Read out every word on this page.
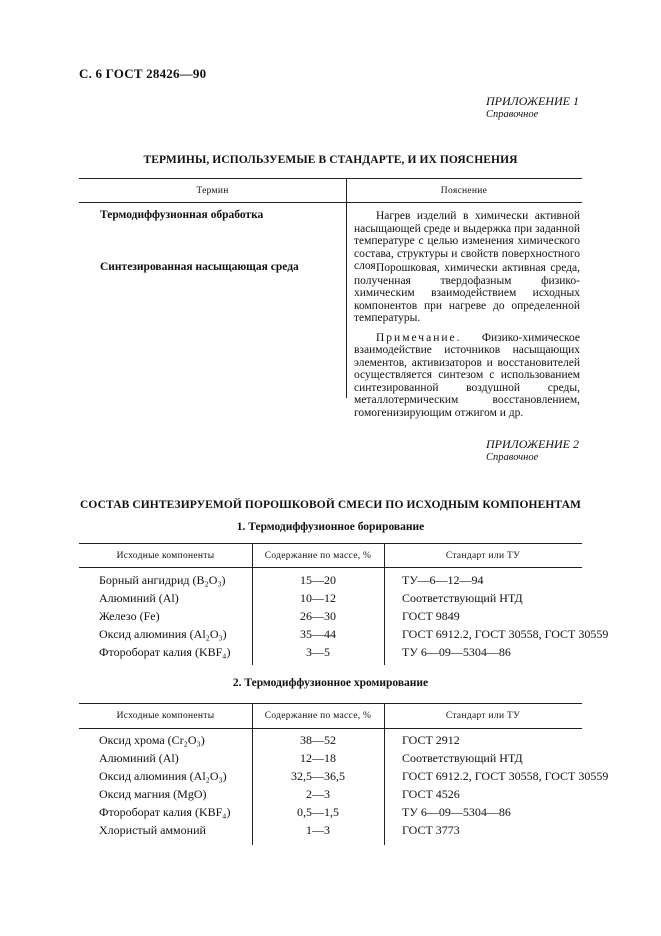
С. 6 ГОСТ 28426—90
ПРИЛОЖЕНИЕ 1
Справочное
ТЕРМИНЫ, ИСПОЛЬЗУЕМЫЕ В СТАНДАРТЕ, И ИХ ПОЯСНЕНИЯ
Термин	Пояснение
Термодиффузионная обработка	Нагрев изделий в химически активной насыщающей среде и выдержка при заданной температуре с целью изменения химического состава, структуры и свойств поверхностного слоя

Синтезированная насыщающая среда	Порошковая, химически активная среда, полученная твердофазным физико-химическим взаимодействием исходных компонентов при нагреве до определенной температуры.

Примечание. Физико-химическое взаимодействие источников насыщающих элементов, активизаторов и восстановителей осуществляется синтезом с использованием синтезированной воздушной среды, металлотермическим восстановлением, гомогенизирующим отжигом и др.

ПРИЛОЖЕНИЕ 2
Справочное
СОСТАВ СИНТЕЗИРУЕМОЙ ПОРОШКОВОЙ СМЕСИ ПО ИСХОДНЫМ КОМПОНЕНТАМ
1. Термодиффузионное борирование
Исходные компоненты	Содержание по массе, %	Стандарт или ТУ
Борный ангидрид (B₂O₃)	15—20	ТУ—6—12—94
Алюминий (Al)	10—12	Соответствующий НТД
Железо (Fe)	26—30	ГОСТ 9849
Оксид алюминия (Al₂O₃)	35—44	ГОСТ 6912.2, ГОСТ 30558, ГОСТ 30559
Фтороборат калия (KBF₄)	3—5	ТУ 6—09—5304—86
2. Термодиффузионное хромирование
Исходные компоненты	Содержание по массе, %	Стандарт или ТУ
Оксид хрома (Cr₂O₃)	38—52	ГОСТ 2912
Алюминий (Al)	12—18	Соответствующий НТД
Оксид алюминия (Al₂O₃)	32,5—36,5	ГОСТ 6912.2, ГОСТ 30558, ГОСТ 30559
Оксид магния (MgO)	2—3	ГОСТ 4526
Фтороборат калия (KBF₄)	0,5—1,5	ТУ 6—09—5304—86
Хлористый аммоний	1—3	ГОСТ 3773
